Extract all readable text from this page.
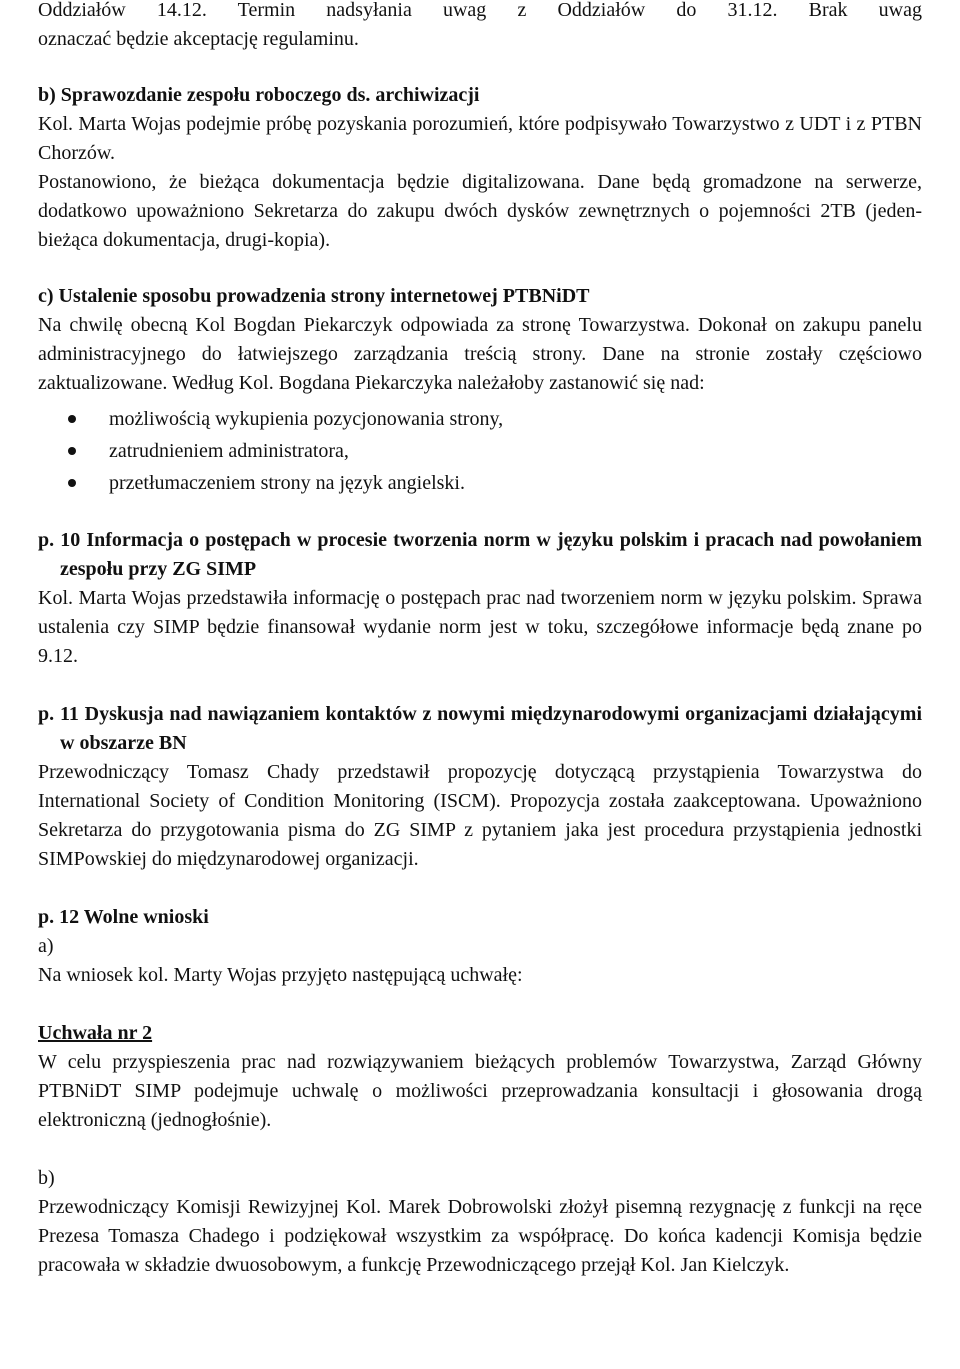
Oddziałów 14.12. Termin nadsyłania uwag z Oddziałów do 31.12. Brak uwag

oznaczać będzie akceptację regulaminu.

b) Sprawozdanie zespołu roboczego ds. archiwizacji

Kol. Marta Wojas podejmie próbę pozyskania porozumień, które podpisywało Towarzystwo z UDT i z PTBN Chorzów.

Postanowiono, że bieżąca dokumentacja będzie digitalizowana. Dane będą gromadzone na serwerze, dodatkowo upoważniono Sekretarza do zakupu dwóch dysków zewnętrznych o pojemności 2TB (jeden-bieżąca dokumentacja, drugi-kopia).

c) Ustalenie sposobu prowadzenia strony internetowej PTBNiDT

Na chwilę obecną Kol Bogdan Piekarczyk odpowiada za stronę Towarzystwa. Dokonał on zakupu panelu administracyjnego do łatwiejszego zarządzania treścią strony. Dane na stronie zostały częściowo zaktualizowane. Według Kol. Bogdana Piekarczyka należałoby zastanowić się nad:

możliwością wykupienia pozycjonowania strony,
zatrudnieniem administratora,
przetłumaczeniem strony na język angielski.

p. 10 Informacja o postępach w procesie tworzenia norm w języku polskim i pracach nad powołaniem zespołu przy ZG SIMP

Kol. Marta Wojas przedstawiła informację o postępach prac nad tworzeniem norm w języku polskim. Sprawa ustalenia czy SIMP będzie finansował wydanie norm jest w toku, szczegółowe informacje będą znane po 9.12.

p. 11 Dyskusja nad nawiązaniem kontaktów z nowymi międzynarodowymi organizacjami działającymi w obszarze BN

Przewodniczący Tomasz Chady przedstawił propozycję dotyczącą przystąpienia Towarzystwa do International Society of Condition Monitoring (ISCM). Propozycja została zaakceptowana. Upoważniono Sekretarza do przygotowania pisma do ZG SIMP z pytaniem jaka jest procedura przystąpienia jednostki SIMPowskiej do międzynarodowej organizacji.

p. 12 Wolne wnioski

a)

Na wniosek kol. Marty Wojas przyjęto następującą uchwałę:

Uchwała nr 2

W celu przyspieszenia prac nad rozwiązywaniem bieżących problemów Towarzystwa, Zarząd Główny PTBNiDT SIMP podejmuje uchwalę o możliwości przeprowadzania konsultacji i głosowania drogą elektroniczną (jednogłośnie).

b)

Przewodniczący Komisji Rewizyjnej Kol. Marek Dobrowolski złożył pisemną rezygnację z funkcji na ręce Prezesa Tomasza Chadego i podziękował wszystkim za współpracę. Do końca kadencji Komisja będzie pracowała w składzie dwuosobowym, a funkcję Przewodniczącego przejął Kol. Jan Kielczyk.
